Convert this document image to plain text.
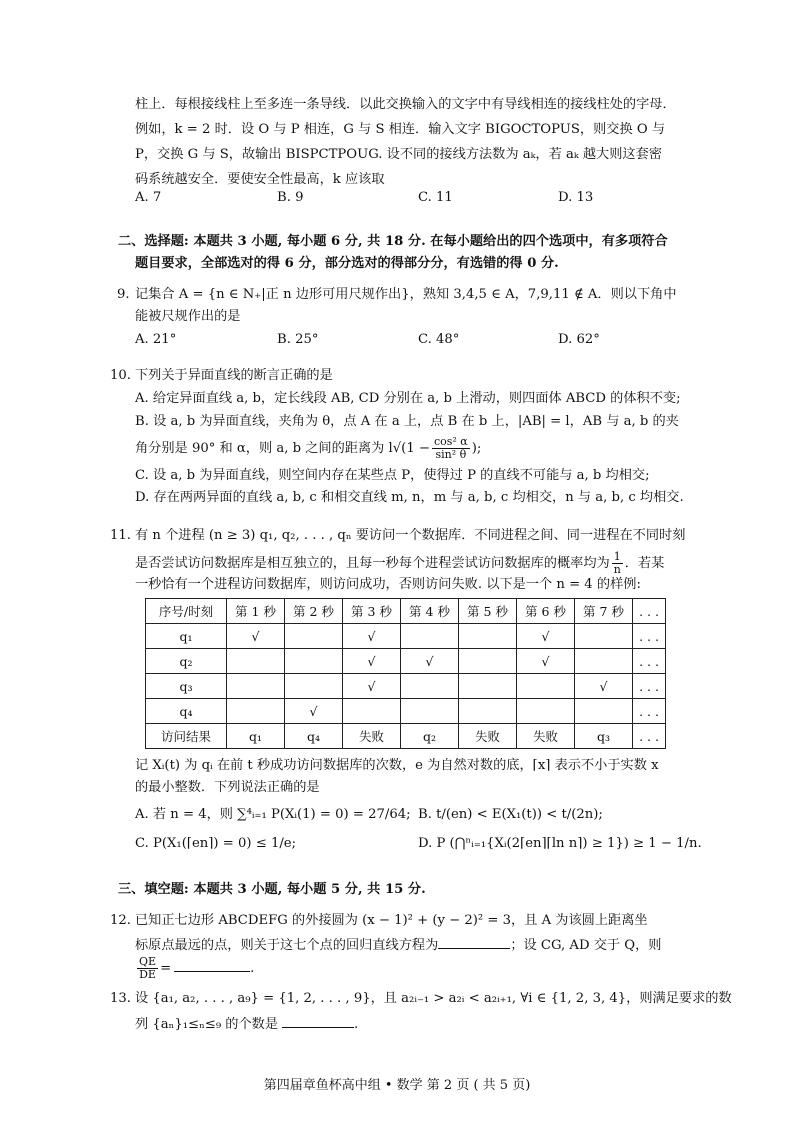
柱上．每根接线柱上至多连一条导线．以此交换输入的文字中有导线相连的接线柱处的字母．
例如，k = 2 时．设 O 与 P 相连，G 与 S 相连．输入文字 BIGOCTOPUS，则交换 O 与
P，交换 G 与 S，故输出 BISPCTPOUG. 设不同的接线方法数为 aₖ，若 aₖ 越大则这套密
码系统越安全．要使安全性最高，k 应该取
A. 7	B. 9	C. 11	D. 13
二、选择题: 本题共 3 小题, 每小题 6 分, 共 18 分. 在每小题给出的四个选项中，有多项符合
题目要求，全部选对的得 6 分，部分选对的得部分分，有选错的得 0 分.
9. 记集合 A = {n ∈ N₊|正 n 边形可用尺规作出}，熟知 3,4,5 ∈ A，7,9,11 ∉ A．则以下角中
能被尺规作出的是
A. 21°	B. 25°	C. 48°	D. 62°
10. 下列关于异面直线的断言正确的是
A. 给定异面直线 a, b，定长线段 AB, CD 分别在 a, b 上滑动，则四面体 ABCD 的体积不变;
B. 设 a, b 为异面直线，夹角为 θ，点 A 在 a 上，点 B 在 b 上，|AB| = l，AB 与 a, b 的夹
角分别是 90° 和 α，则 a, b 之间的距离为 $l√(1 - \frac{\text{cos² α}}{\text{sin² θ}}$ );
C. 设 a, b 为异面直线，则空间内存在某些点 P，使得过 P 的直线不可能与 a, b 均相交;
D. 存在两两异面的直线 a, b, c 和相交直线 m, n，m 与 a, b, c 均相交，n 与 a, b, c 均相交.
11. 有 n 个进程 (n ≥ 3) q₁, q₂, . . . , qₙ 要访问一个数据库．不同进程之间、同一进程在不同时刻
是否尝试访问数据库是相互独立的，且每一秒每个进程尝试访问数据库的概率均为 $\frac{1}{n}$ ．若某
一秒恰有一个进程访问数据库，则访问成功，否则访问失败. 以下是一个 n = 4 的样例:
序号/时刻	第 1 秒	第 2 秒	第 3 秒	第 4 秒	第 5 秒	第 6 秒	第 7 秒	. . .
q₁	√		√			√		. . .
q₂			√	√		√		. . .
q₃			√				√	. . .
q₄		√						. . .
访问结果	q₁	q₄	失败	q₂	失败	失败	q₃	. . .
记 Xᵢ(t) 为 qᵢ 在前 t 秒成功访问数据库的次数，e 为自然对数的底，⌈x⌉ 表示不小于实数 x
的最小整数．下列说法正确的是
A. 若 n = 4，则 ∑⁴ᵢ₌₁ P(Xᵢ(1) = 0) = 27/64; B. t/(en) < E(X₁(t)) < t/(2n);
C. P(X₁(⌈en⌉) = 0) ≤ 1/e;	D. P (⋂ⁿᵢ₌₁{Xᵢ(2⌈en⌉⌈ln n⌉) ≥ 1}) ≥ 1 − 1/n.
三、填空题: 本题共 3 小题, 每小题 5 分, 共 15 分.
12. 已知正七边形 ABCDEFG 的外接圆为 (x − 1)² + (y − 2)² = 3，且 A 为该圆上距离坐
标原点最远的点，则关于这七个点的回归直线方程为	；设 CG, AD 交于 Q，则
$\frac{QE}{DE}$ =	.
13. 设 {a₁, a₂, . . . , a₉} = {1, 2, . . . , 9}，且 a₂ᵢ₋₁ > a₂ᵢ < a₂ᵢ₊₁, ∀i ∈ {1, 2, 3, 4}，则满足要求的数
列 {aₙ}₁≤ₙ≤₉ 的个数是	.
第四届章鱼杯高中组 • 数学 第 2 页 ( 共 5 页)
